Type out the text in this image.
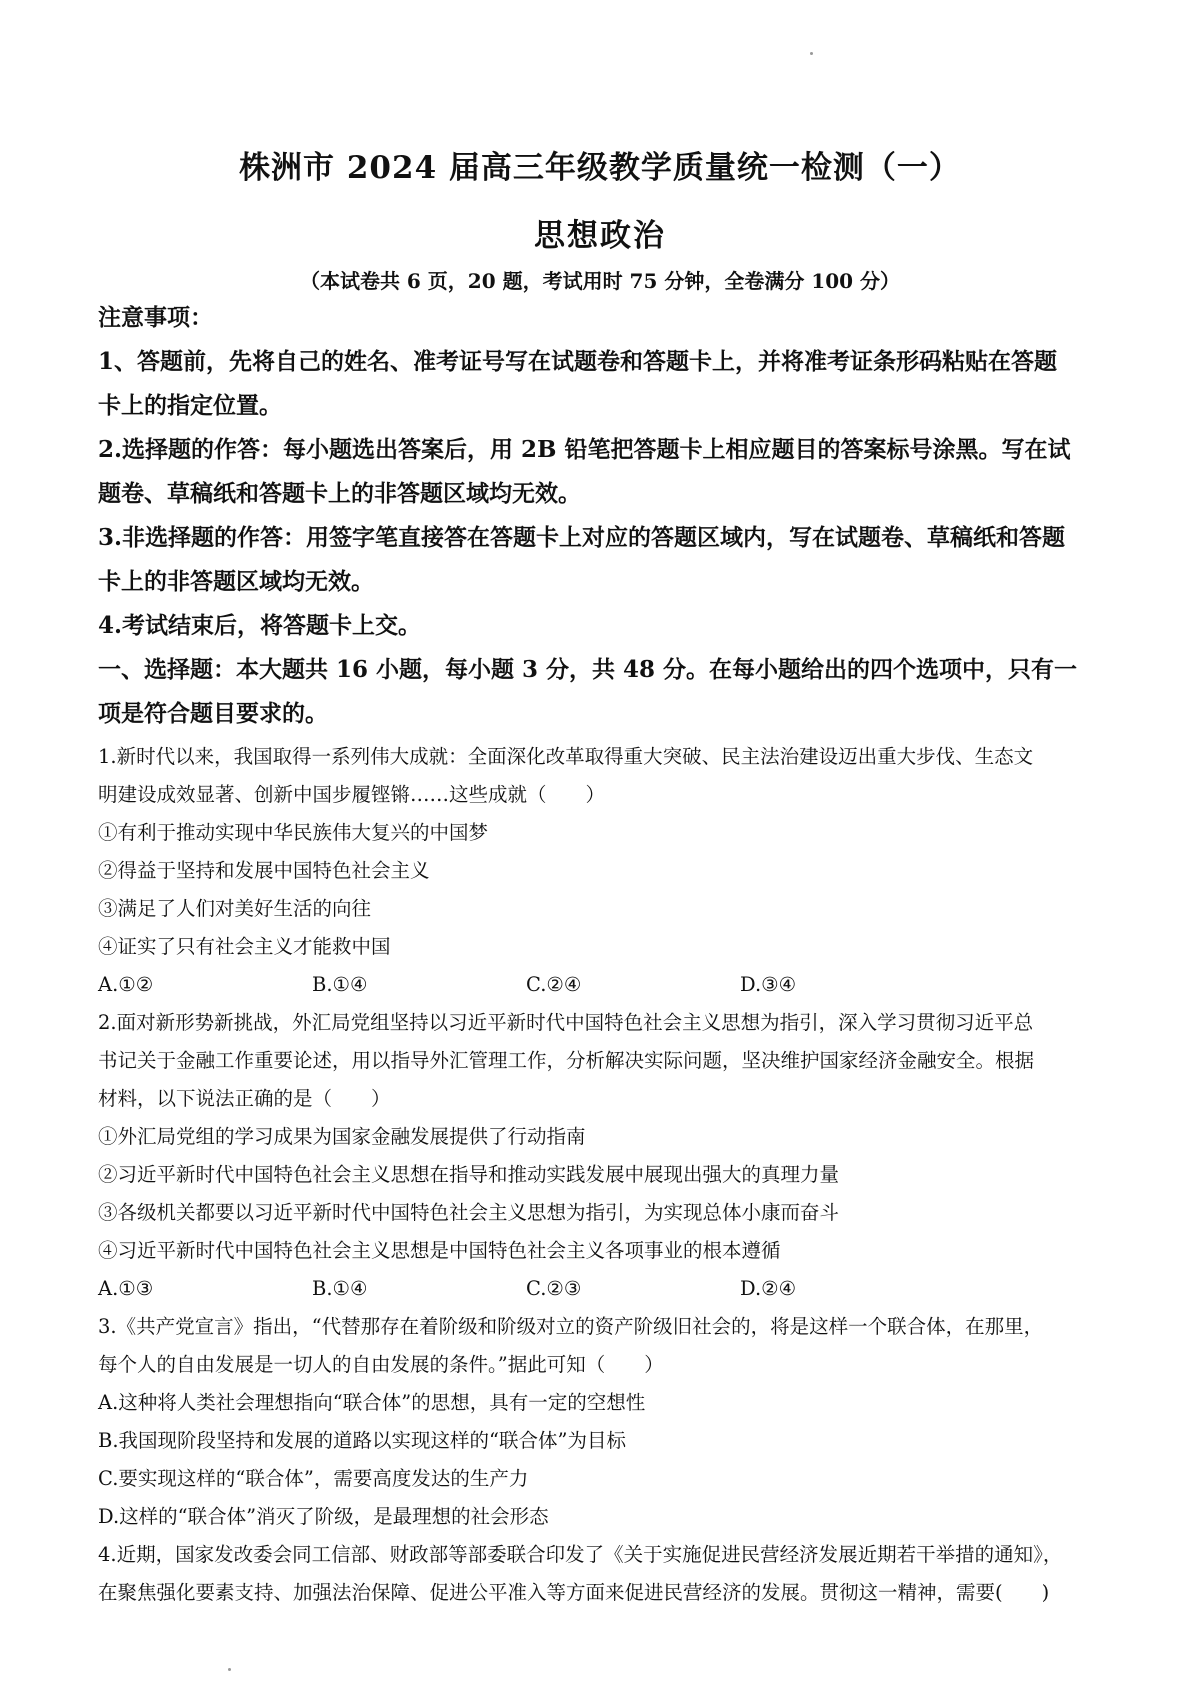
株洲市 2024 届高三年级教学质量统一检测（一）
思想政治
（本试卷共 6 页，20 题，考试用时 75 分钟，全卷满分 100 分）
注意事项：
1、答题前，先将自己的姓名、准考证号写在试题卷和答题卡上，并将准考证条形码粘贴在答题
卡上的指定位置。
2.选择题的作答：每小题选出答案后，用 2B 铅笔把答题卡上相应题目的答案标号涂黑。写在试
题卷、草稿纸和答题卡上的非答题区域均无效。
3.非选择题的作答：用签字笔直接答在答题卡上对应的答题区域内，写在试题卷、草稿纸和答题
卡上的非答题区域均无效。
4.考试结束后，将答题卡上交。
一、选择题：本大题共 16 小题，每小题 3 分，共 48 分。在每小题给出的四个选项中，只有一
项是符合题目要求的。
1.新时代以来，我国取得一系列伟大成就：全面深化改革取得重大突破、民主法治建设迈出重大步伐、生态文
明建设成效显著、创新中国步履铿锵……这些成就（　　）
①有利于推动实现中华民族伟大复兴的中国梦
②得益于坚持和发展中国特色社会主义
③满足了人们对美好生活的向往
④证实了只有社会主义才能救中国
A.①②	B.①④	C.②④	D.③④
2.面对新形势新挑战，外汇局党组坚持以习近平新时代中国特色社会主义思想为指引，深入学习贯彻习近平总
书记关于金融工作重要论述，用以指导外汇管理工作，分析解决实际问题，坚决维护国家经济金融安全。根据
材料，以下说法正确的是（　　）
①外汇局党组的学习成果为国家金融发展提供了行动指南
②习近平新时代中国特色社会主义思想在指导和推动实践发展中展现出强大的真理力量
③各级机关都要以习近平新时代中国特色社会主义思想为指引，为实现总体小康而奋斗
④习近平新时代中国特色社会主义思想是中国特色社会主义各项事业的根本遵循
A.①③	B.①④	C.②③	D.②④
3.《共产党宣言》指出，“代替那存在着阶级和阶级对立的资产阶级旧社会的，将是这样一个联合体，在那里，
每个人的自由发展是一切人的自由发展的条件。”据此可知（　　）
A.这种将人类社会理想指向“联合体”的思想，具有一定的空想性
B.我国现阶段坚持和发展的道路以实现这样的“联合体”为目标
C.要实现这样的“联合体”，需要高度发达的生产力
D.这样的“联合体”消灭了阶级，是最理想的社会形态
4.近期，国家发改委会同工信部、财政部等部委联合印发了《关于实施促进民营经济发展近期若干举措的通知》，
在聚焦强化要素支持、加强法治保障、促进公平准入等方面来促进民营经济的发展。贯彻这一精神，需要(　　)
